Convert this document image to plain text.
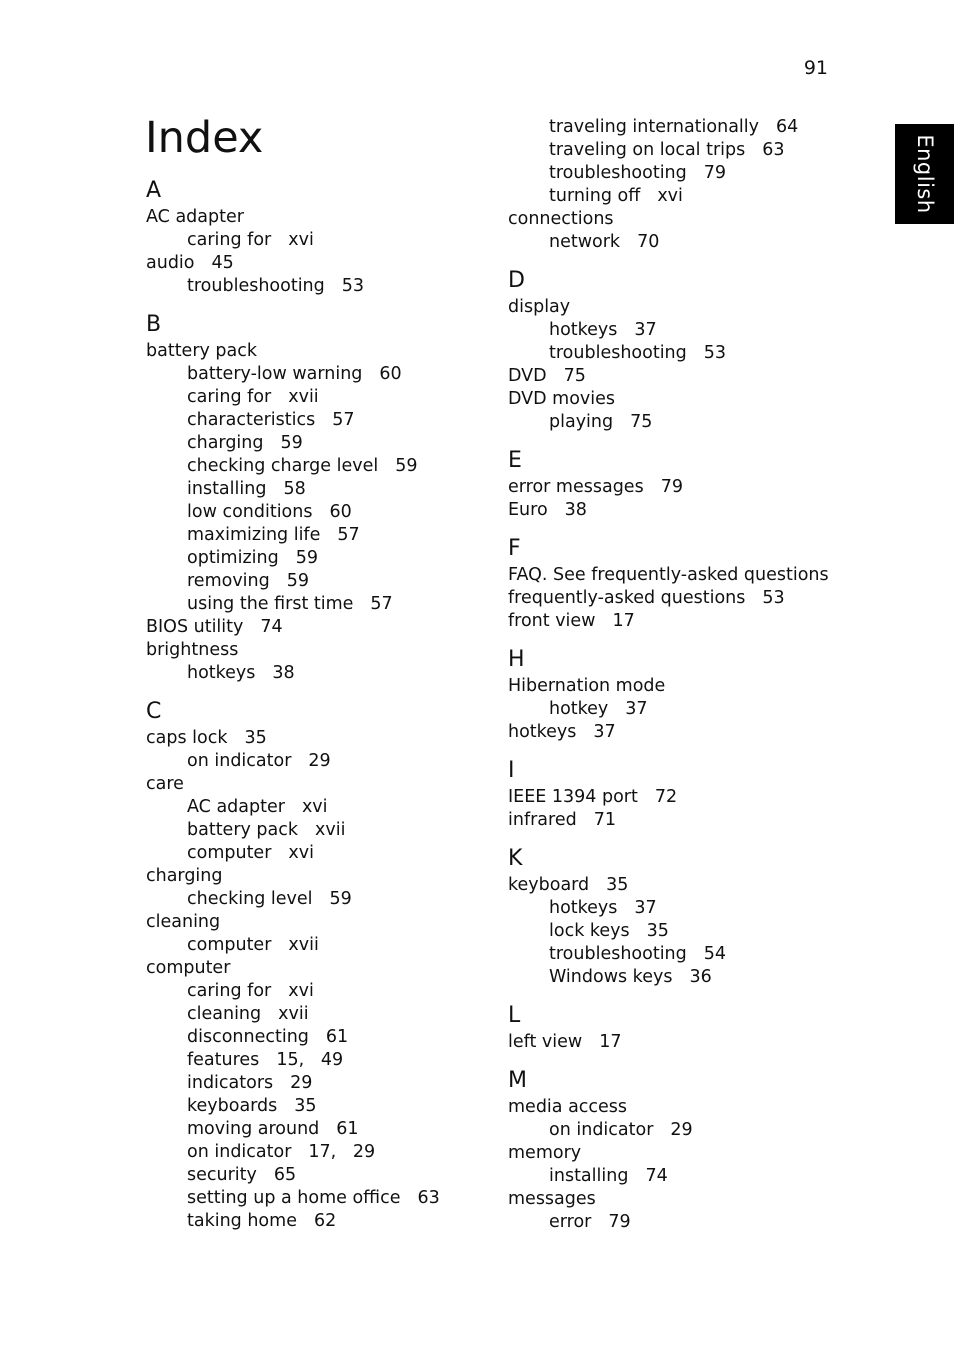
91
English
Index
A
AC adapter
caring for xvi
audio 45
troubleshooting 53
B
battery pack
battery-low warning 60
caring for xvii
characteristics 57
charging 59
checking charge level 59
installing 58
low conditions 60
maximizing life 57
optimizing 59
removing 59
using the first time 57
BIOS utility 74
brightness
hotkeys 38
C
caps lock 35
on indicator 29
care
AC adapter xvi
battery pack xvii
computer xvi
charging
checking level 59
cleaning
computer xvii
computer
caring for xvi
cleaning xvii
disconnecting 61
features 15,   49
indicators 29
keyboards 35
moving around 61
on indicator 17,   29
security 65
setting up a home office 63
taking home 62
traveling internationally 64
traveling on local trips 63
troubleshooting 79
turning off xvi
connections
network 70
D
display
hotkeys 37
troubleshooting 53
DVD 75
DVD movies
playing 75
E
error messages 79
Euro 38
F
FAQ. See frequently-asked questions
frequently-asked questions 53
front view 17
H
Hibernation mode
hotkey 37
hotkeys 37
I
IEEE 1394 port 72
infrared 71
K
keyboard 35
hotkeys 37
lock keys 35
troubleshooting 54
Windows keys 36
L
left view 17
M
media access
on indicator 29
memory
installing 74
messages
error 79
